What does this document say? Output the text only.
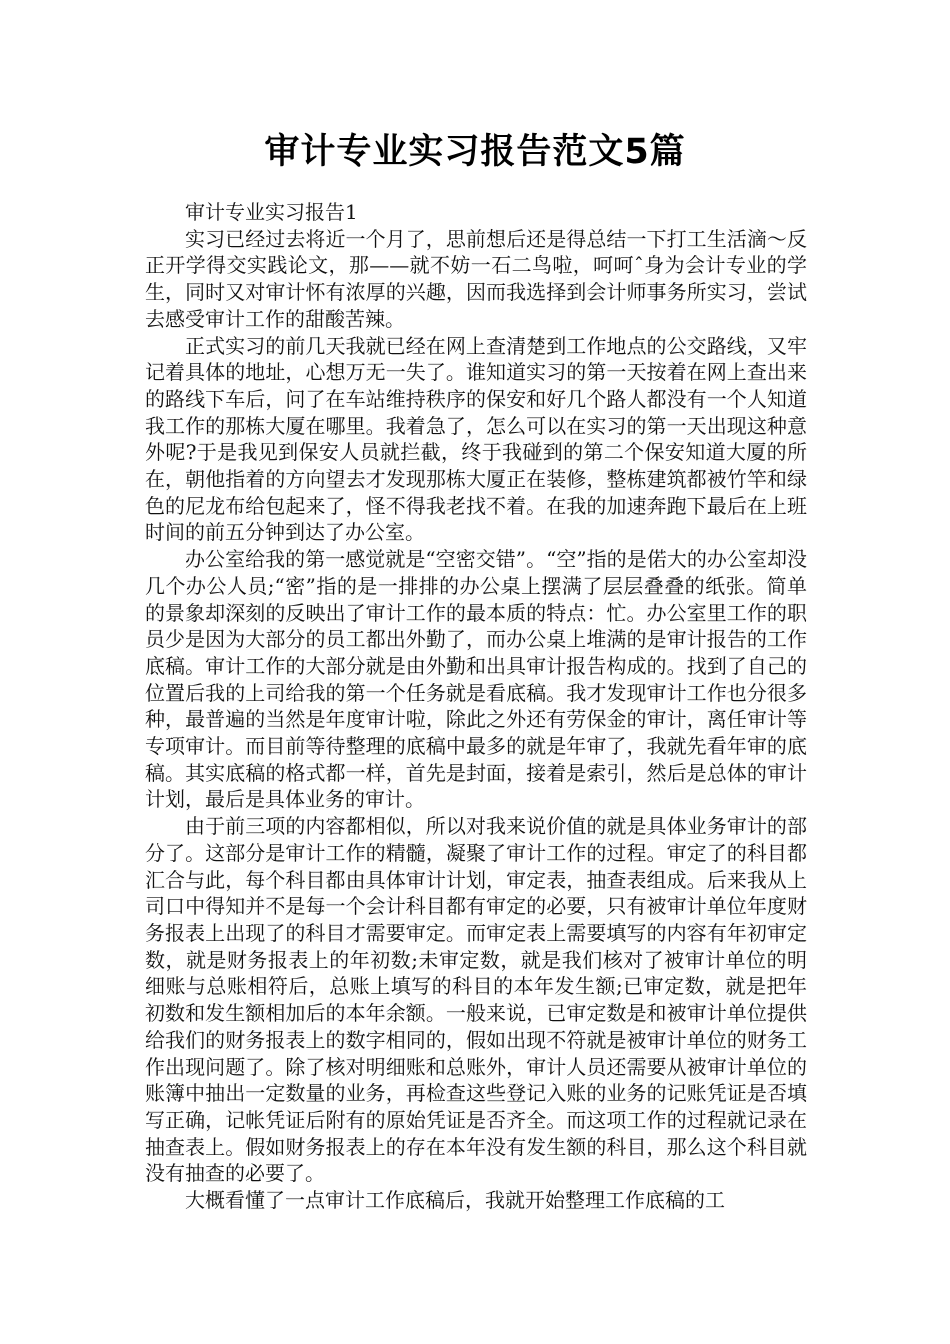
审计专业实习报告范文5篇

审计专业实习报告1

实习已经过去将近一个月了，思前想后还是得总结一下打工生活滴～反正开学得交实践论文，那——就不妨一石二鸟啦，呵呵ˆ身为会计专业的学生，同时又对审计怀有浓厚的兴趣，因而我选择到会计师事务所实习，尝试去感受审计工作的甜酸苦辣。

正式实习的前几天我就已经在网上查清楚到工作地点的公交路线，又牢记着具体的地址，心想万无一失了。谁知道实习的第一天按着在网上查出来的路线下车后，问了在车站维持秩序的保安和好几个路人都没有一个人知道我工作的那栋大厦在哪里。我着急了，怎么可以在实习的第一天出现这种意外呢?于是我见到保安人员就拦截，终于我碰到的第二个保安知道大厦的所在，朝他指着的方向望去才发现那栋大厦正在装修，整栋建筑都被竹竿和绿色的尼龙布给包起来了，怪不得我老找不着。在我的加速奔跑下最后在上班时间的前五分钟到达了办公室。

办公室给我的第一感觉就是“空密交错”。“空”指的是偌大的办公室却没几个办公人员;“密”指的是一排排的办公桌上摆满了层层叠叠的纸张。简单的景象却深刻的反映出了审计工作的最本质的特点：忙。办公室里工作的职员少是因为大部分的员工都出外勤了，而办公桌上堆满的是审计报告的工作底稿。审计工作的大部分就是由外勤和出具审计报告构成的。找到了自己的位置后我的上司给我的第一个任务就是看底稿。我才发现审计工作也分很多种，最普遍的当然是年度审计啦，除此之外还有劳保金的审计，离任审计等专项审计。而目前等待整理的底稿中最多的就是年审了，我就先看年审的底稿。其实底稿的格式都一样，首先是封面，接着是索引，然后是总体的审计计划，最后是具体业务的审计。

由于前三项的内容都相似，所以对我来说价值的就是具体业务审计的部分了。这部分是审计工作的精髓，凝聚了审计工作的过程。审定了的科目都汇合与此，每个科目都由具体审计计划，审定表，抽查表组成。后来我从上司口中得知并不是每一个会计科目都有审定的必要，只有被审计单位年度财务报表上出现了的科目才需要审定。而审定表上需要填写的内容有年初审定数，就是财务报表上的年初数;未审定数，就是我们核对了被审计单位的明细账与总账相符后，总账上填写的科目的本年发生额;已审定数，就是把年初数和发生额相加后的本年余额。一般来说，已审定数是和被审计单位提供给我们的财务报表上的数字相同的，假如出现不符就是被审计单位的财务工作出现问题了。除了核对明细账和总账外，审计人员还需要从被审计单位的账簿中抽出一定数量的业务，再检查这些登记入账的业务的记账凭证是否填写正确，记帐凭证后附有的原始凭证是否齐全。而这项工作的过程就记录在抽查表上。假如财务报表上的存在本年没有发生额的科目，那么这个科目就没有抽查的必要了。

大概看懂了一点审计工作底稿后，我就开始整理工作底稿的工
